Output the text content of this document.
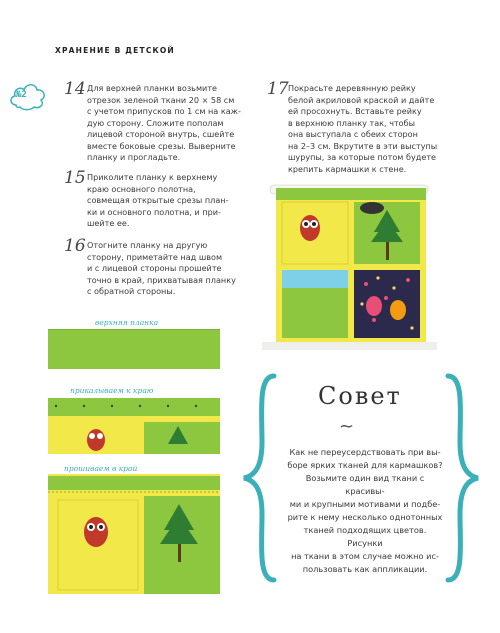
ХРАНЕНИЕ В ДЕТСКОЙ
№2 14 Для верхней планки возьмите
отрезок зеленой ткани 20 × 58 см
с учетом припусков по 1 см на каж-
дую сторону. Сложите пополам
лицевой стороной внутрь, сшейте
вместе боковые срезы. Выверните
планку и прогладьте.
15 Приколите планку к верхнему
краю основного полотна,
совмещая открытые срезы план-
ки и основного полотна, и при-
шейте ее.
16 Отогните планку на другую
сторону, приметайте над швом
и с лицевой стороны прошейте
точно в край, прихватывая планку
с обратной стороны.
17 Покрасьте деревянную рейку
белой акриловой краской и дайте
ей просохнуть. Вставьте рейку
в верхнюю планку так, чтобы
она выступала с обеих сторон
на 2–3 см. Вкрутите в эти выступы
шурупы, за которые потом будете
крепить кармашки к стене.
верхняя планка
прикалываем к краю
прошиваем в край
Совет
~
Как не переусердствовать при вы-
боре ярких тканей для кармашков?
Возьмите один вид ткани с красивы-
ми и крупными мотивами и подбе-
рите к нему несколько однотонных
тканей подходящих цветов. Рисунки
на ткани в этом случае можно ис-
пользовать как аппликации.
